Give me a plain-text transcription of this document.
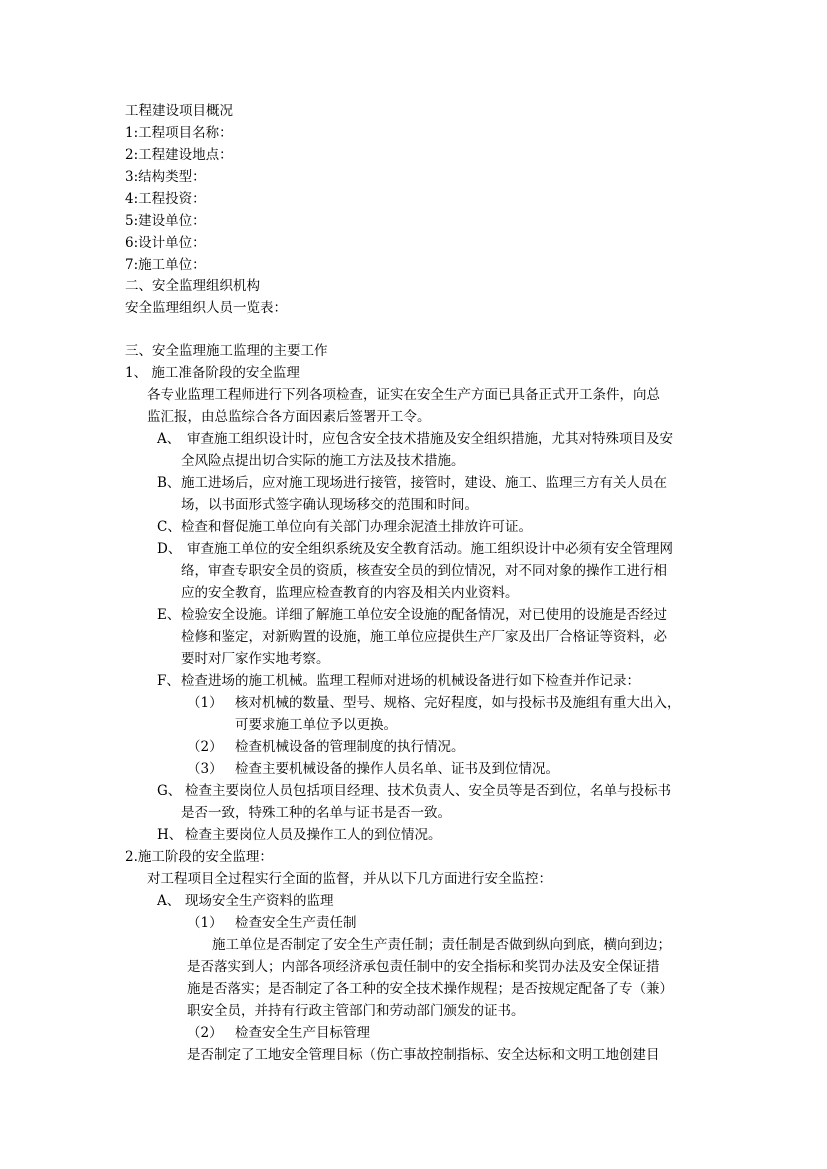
工程建设项目概况
1:工程项目名称：
2:工程建设地点：
3:结构类型：
4:工程投资：
5:建设单位：
6:设计单位：
7:施工单位：
二、安全监理组织机构
安全监理组织人员一览表：
三、安全监理施工监理的主要工作
1、 施工准备阶段的安全监理
各专业监理工程师进行下列各项检查，证实在安全生产方面已具备正式开工条件，向总
监汇报，由总监综合各方面因素后签署开工令。
A、 审查施工组织设计时，应包含安全技术措施及安全组织措施，尤其对特殊项目及安
全风险点提出切合实际的施工方法及技术措施。
B、 施工进场后，应对施工现场进行接管，接管时，建设、施工、监理三方有关人员在
场，以书面形式签字确认现场移交的范围和时间。
C、 检查和督促施工单位向有关部门办理余泥渣土排放许可证。
D、 审查施工单位的安全组织系统及安全教育活动。施工组织设计中必须有安全管理网
络，审查专职安全员的资质，核查安全员的到位情况，对不同对象的操作工进行相
应的安全教育，监理应检查教育的内容及相关内业资料。
E、 检验安全设施。详细了解施工单位安全设施的配备情况，对已使用的设施是否经过
检修和鉴定，对新购置的设施，施工单位应提供生产厂家及出厂合格证等资料，必
要时对厂家作实地考察。
F、 检查进场的施工机械。监理工程师对进场的机械设备进行如下检查并作记录：
（1） 核对机械的数量、型号、规格、完好程度，如与投标书及施组有重大出入，
可要求施工单位予以更换。
（2） 检查机械设备的管理制度的执行情况。
（3） 检查主要机械设备的操作人员名单、证书及到位情况。
G、 检查主要岗位人员包括项目经理、技术负责人、安全员等是否到位，名单与投标书
是否一致，特殊工种的名单与证书是否一致。
H、 检查主要岗位人员及操作工人的到位情况。
2.施工阶段的安全监理：
对工程项目全过程实行全面的监督，并从以下几方面进行安全监控：
A、 现场安全生产资料的监理
（1） 检查安全生产责任制
施工单位是否制定了安全生产责任制；责任制是否做到纵向到底，横向到边；
是否落实到人；内部各项经济承包责任制中的安全指标和奖罚办法及安全保证措
施是否落实；是否制定了各工种的安全技术操作规程；是否按规定配备了专（兼）
职安全员，并持有行政主管部门和劳动部门颁发的证书。
（2） 检查安全生产目标管理
是否制定了工地安全管理目标（伤亡事故控制指标、安全达标和文明工地创建目
